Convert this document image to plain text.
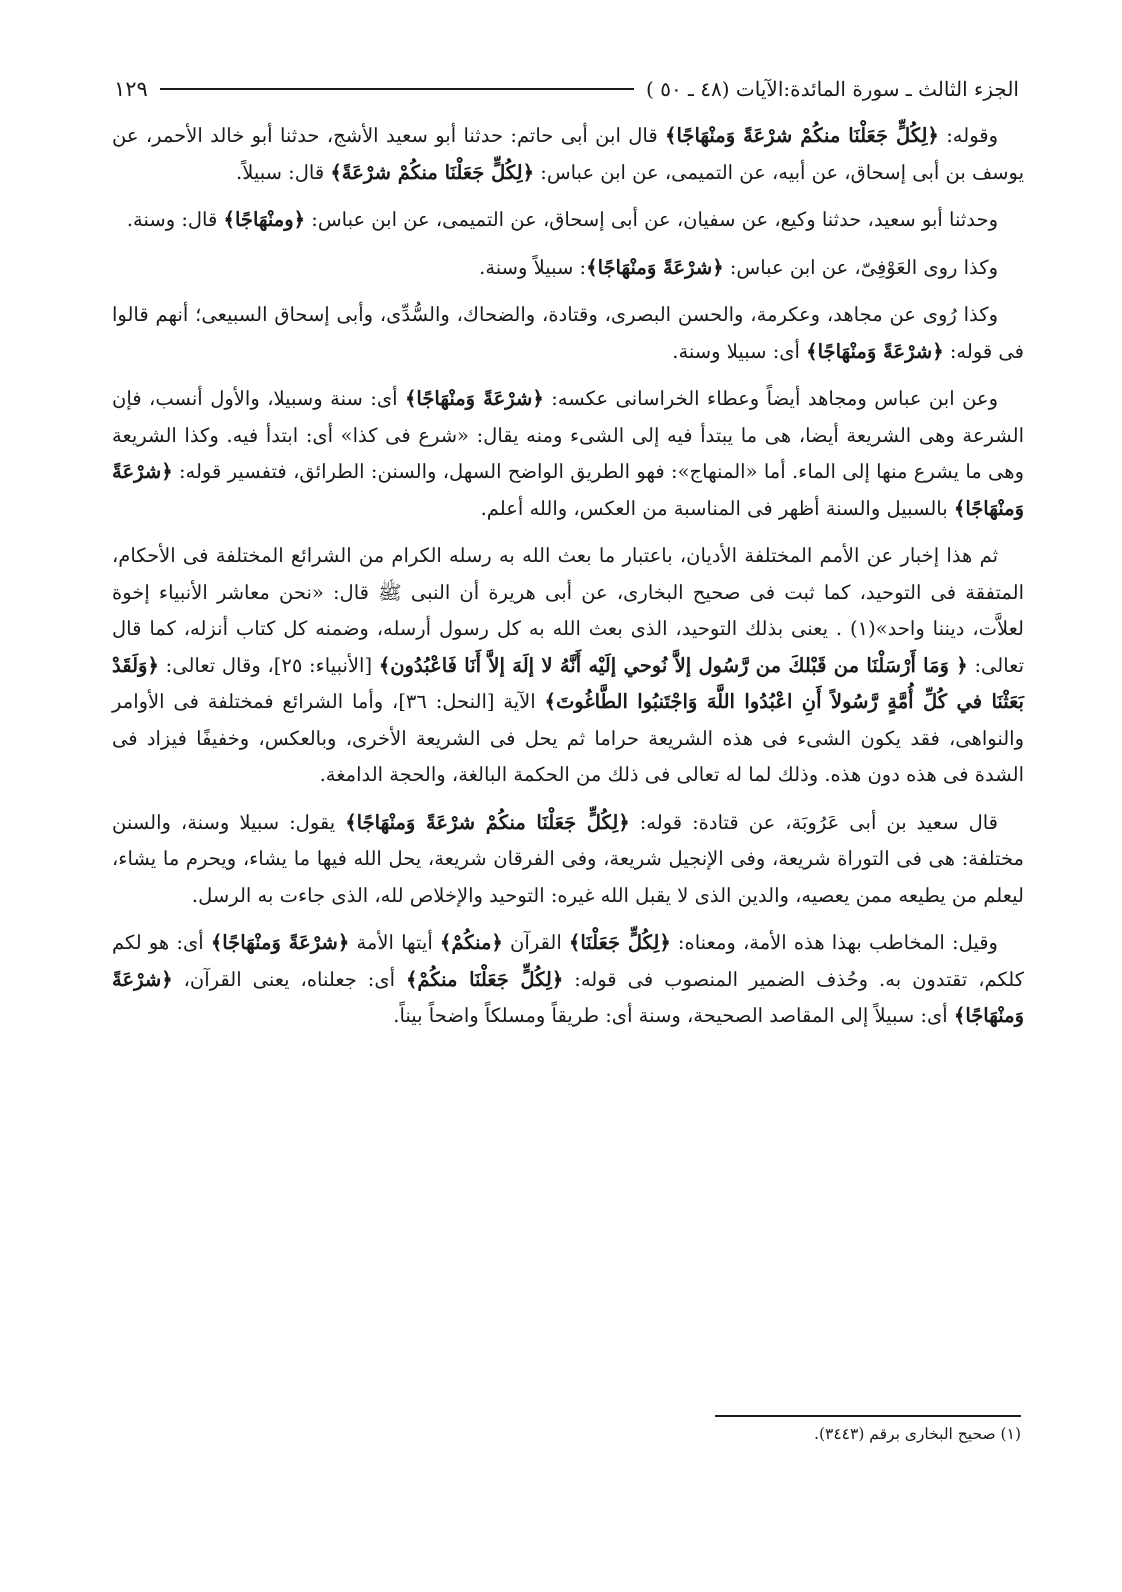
الجزء الثالث ـ سورة المائدة:الآيات (٤٨ ـ ٥٠ )
١٢٩

وقوله: ﴿لِكُلٍّ جَعَلْنَا منكُمْ شرْعَةً وَمنْهَاجًا﴾ قال ابن أبى حاتم: حدثنا أبو سعيد الأشج، حدثنا أبو خالد الأحمر، عن يوسف بن أبى إسحاق، عن أبيه، عن التميمى، عن ابن عباس: ﴿لِكُلٍّ جَعَلْنَا منكُمْ شرْعَةً﴾ قال: سبيلاً.

وحدثنا أبو سعيد، حدثنا وكيع، عن سفيان، عن أبى إسحاق، عن التميمى، عن ابن عباس: ﴿ومنْهَاجًا﴾ قال: وسنة.

وكذا روى العَوْفِىّ، عن ابن عباس: ﴿شرْعَةً وَمنْهَاجًا﴾: سبيلاً وسنة.

وكذا رُوى عن مجاهد، وعكرمة، والحسن البصرى، وقتادة، والضحاك، والسُّدِّى، وأبى إسحاق السبيعى؛ أنهم قالوا فى قوله: ﴿شرْعَةً وَمنْهَاجًا﴾ أى: سبيلا وسنة.

وعن ابن عباس ومجاهد أيضاً وعطاء الخراسانى عكسه: ﴿شرْعَةً وَمنْهَاجًا﴾ أى: سنة وسبيلا، والأول أنسب، فإن الشرعة وهى الشريعة أيضا، هى ما يبتدأ فيه إلى الشىء ومنه يقال: «شرع فى كذا» أى: ابتدأ فيه. وكذا الشريعة وهى ما يشرع منها إلى الماء. أما «المنهاج»: فهو الطريق الواضح السهل، والسنن: الطرائق، فتفسير قوله: ﴿شرْعَةً وَمنْهَاجًا﴾ بالسبيل والسنة أظهر فى المناسبة من العكس، والله أعلم.

ثم هذا إخبار عن الأمم المختلفة الأديان، باعتبار ما بعث الله به رسله الكرام من الشرائع المختلفة فى الأحكام، المتفقة فى التوحيد، كما ثبت فى صحيح البخارى، عن أبى هريرة أن النبى ﷺ قال: «نحن معاشر الأنبياء إخوة لعلاَّت، ديننا واحد»(١) . يعنى بذلك التوحيد، الذى بعث الله به كل رسول أرسله، وضمنه كل كتاب أنزله، كما قال تعالى: ﴿ وَمَا أَرْسَلْنَا من قَبْلكَ من رَّسُول إلاَّ نُوحي إلَيْه أَنَّهُ لا إلَهَ إلاَّ أَنَا فَاعْبُدُون﴾ [الأنبياء: ٢٥]، وقال تعالى: ﴿وَلَقَدْ بَعَثْنَا في كُلِّ أُمَّةٍ رَّسُولاً أَنِ اعْبُدُوا اللَّهَ وَاجْتَنبُوا الطَّاغُوتَ﴾ الآية [النحل: ٣٦]، وأما الشرائع فمختلفة فى الأوامر والنواهى، فقد يكون الشىء فى هذه الشريعة حراما ثم يحل فى الشريعة الأخرى، وبالعكس، وخفيفًا فيزاد فى الشدة فى هذه دون هذه. وذلك لما له تعالى فى ذلك من الحكمة البالغة، والحجة الدامغة.

قال سعيد بن أبى عَرُوبَة، عن قتادة: قوله: ﴿لِكُلٍّ جَعَلْنَا منكُمْ شرْعَةً وَمنْهَاجًا﴾ يقول: سبيلا وسنة، والسنن مختلفة: هى فى التوراة شريعة، وفى الإنجيل شريعة، وفى الفرقان شريعة، يحل الله فيها ما يشاء، ويحرم ما يشاء، ليعلم من يطيعه ممن يعصيه، والدين الذى لا يقبل الله غيره: التوحيد والإخلاص لله، الذى جاءت به الرسل.

وقيل: المخاطب بهذا هذه الأمة، ومعناه: ﴿لِكُلٍّ جَعَلْنَا﴾ القرآن ﴿منكُمْ﴾ أيتها الأمة ﴿شرْعَةً وَمنْهَاجًا﴾ أى: هو لكم كلكم، تقتدون به. وحُذف الضمير المنصوب فى قوله: ﴿لِكُلٍّ جَعَلْنَا منكُمْ﴾ أى: جعلناه، يعنى القرآن، ﴿شرْعَةً وَمنْهَاجًا﴾ أى: سبيلاً إلى المقاصد الصحيحة، وسنة أى: طريقاً ومسلكاً واضحاً بيناً.

(١) صحيح البخارى برقم (٣٤٤٣).
